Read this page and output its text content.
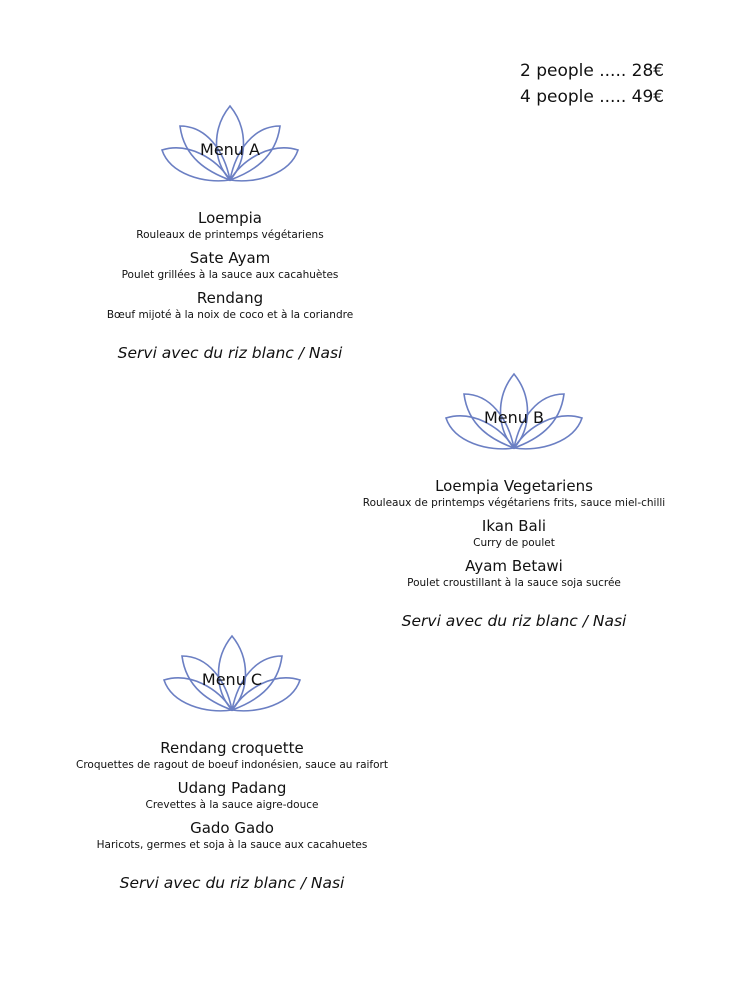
2 people ..... 28€
4 people ..... 49€
Menu A
Loempia
Rouleaux de printemps végétariens
Sate Ayam
Poulet grillées à la sauce aux cacahuètes
Rendang
Bœuf mijoté à la noix de coco et à la coriandre
Servi avec du riz blanc / Nasi
Menu B
Loempia Vegetariens
Rouleaux de printemps végétariens frits, sauce miel-chilli
Ikan Bali
Curry de poulet
Ayam Betawi
Poulet croustillant à la sauce soja sucrée
Servi avec du riz blanc / Nasi
Menu C
Rendang croquette
Croquettes de ragout de boeuf indonésien, sauce au raifort
Udang Padang
Crevettes à la sauce aigre-douce
Gado Gado
Haricots, germes et soja à la sauce aux cacahuetes
Servi avec du riz blanc / Nasi
